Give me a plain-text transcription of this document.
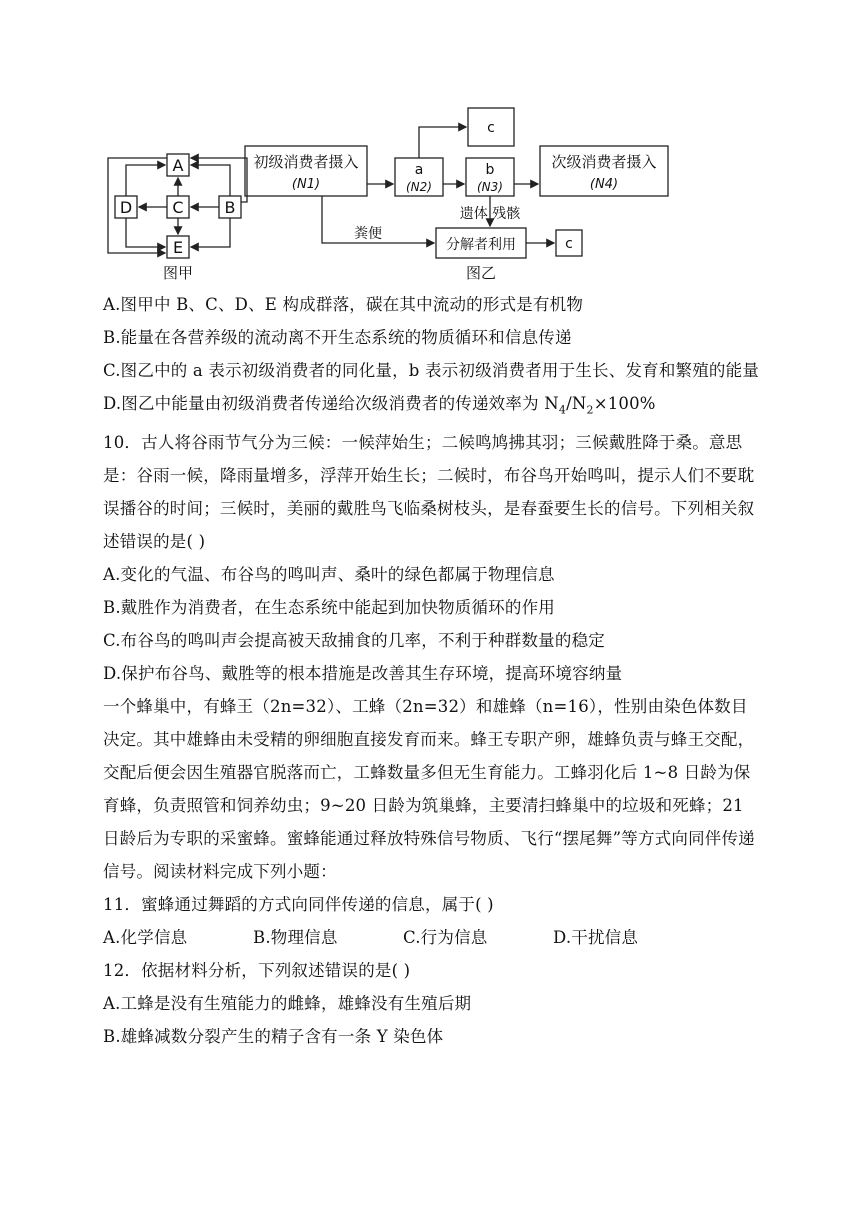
A
B
C
D
E
图甲
初级消费者摄入
(N1)
a
(N2)
c
b
(N3)
次级消费者摄入
(N4)
遗体 残骸
粪便
分解者利用	c
图乙
A.图甲中 B、C、D、E 构成群落，碳在其中流动的形式是有机物
B.能量在各营养级的流动离不开生态系统的物质循环和信息传递
C.图乙中的 a 表示初级消费者的同化量，b 表示初级消费者用于生长、发育和繁殖的能量
D.图乙中能量由初级消费者传递给次级消费者的传递效率为 $N_4/N_2\times 100\%$
10．古人将谷雨节气分为三候：一候萍始生；二候鸣鸠拂其羽；三候戴胜降于桑。意思是：谷雨一候，降雨量增多，浮萍开始生长；二候时，布谷鸟开始鸣叫，提示人们不要耽误播谷的时间；三候时，美丽的戴胜鸟飞临桑树枝头，是春蚕要生长的信号。下列相关叙述错误的是( )
A.变化的气温、布谷鸟的鸣叫声、桑叶的绿色都属于物理信息
B.戴胜作为消费者，在生态系统中能起到加快物质循环的作用
C.布谷鸟的鸣叫声会提高被天敌捕食的几率，不利于种群数量的稳定
D.保护布谷鸟、戴胜等的根本措施是改善其生存环境，提高环境容纳量
一个蜂巢中，有蜂王（2n=32）、工蜂（2n=32）和雄蜂（n=16），性别由染色体数目决定。其中雄蜂由未受精的卵细胞直接发育而来。蜂王专职产卵，雄蜂负责与蜂王交配，交配后便会因生殖器官脱落而亡，工蜂数量多但无生育能力。工蜂羽化后 1~8 日龄为保育蜂，负责照管和饲养幼虫；9~20 日龄为筑巢蜂，主要清扫蜂巢中的垃圾和死蜂；21 日龄后为专职的采蜜蜂。蜜蜂能通过释放特殊信号物质、飞行“摆尾舞”等方式向同伴传递信号。阅读材料完成下列小题：
11．蜜蜂通过舞蹈的方式向同伴传递的信息，属于( )
A.化学信息	B.物理信息	C.行为信息	D.干扰信息
12．依据材料分析，下列叙述错误的是( )
A.工蜂是没有生殖能力的雌蜂，雄蜂没有生殖后期
B.雄蜂减数分裂产生的精子含有一条 Y 染色体
